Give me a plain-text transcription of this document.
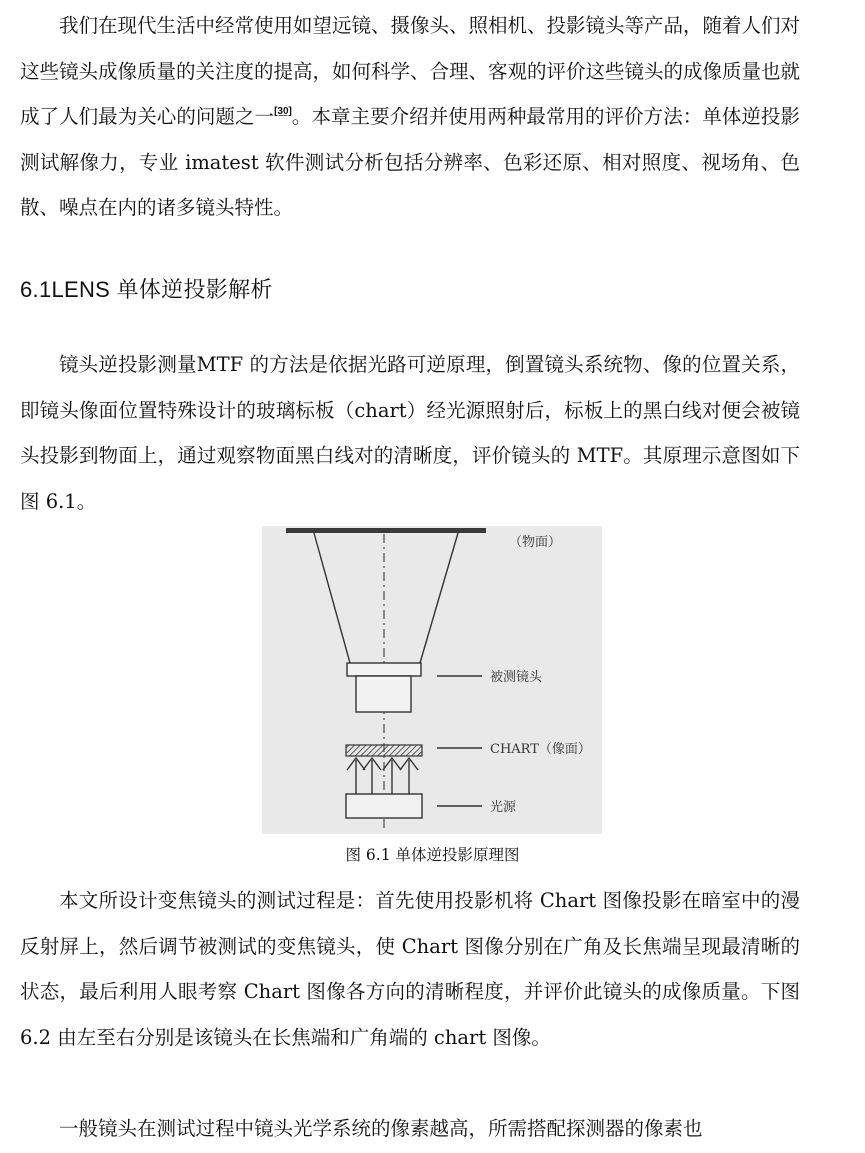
我们在现代生活中经常使用如望远镜、摄像头、照相机、投影镜头等产品，随着人们对这些镜头成像质量的关注度的提高，如何科学、合理、客观的评价这些镜头的成像质量也就成了人们最为关心的问题之一[30]。本章主要介绍并使用两种最常用的评价方法：单体逆投影测试解像力，专业 imatest 软件测试分析包括分辨率、色彩还原、相对照度、视场角、色散、噪点在内的诸多镜头特性。

6.1LENS 单体逆投影解析

镜头逆投影测量MTF 的方法是依据光路可逆原理，倒置镜头系统物、像的位置关系，即镜头像面位置特殊设计的玻璃标板（chart）经光源照射后，标板上的黑白线对便会被镜头投影到物面上，通过观察物面黑白线对的清晰度，评价镜头的 MTF。其原理示意图如下图 6.1。

（物面）
被测镜头
CHART（像面）
光源

图 6.1 单体逆投影原理图

本文所设计变焦镜头的测试过程是：首先使用投影机将 Chart 图像投影在暗室中的漫反射屏上，然后调节被测试的变焦镜头，使 Chart 图像分别在广角及长焦端呈现最清晰的状态，最后利用人眼考察 Chart 图像各方向的清晰程度，并评价此镜头的成像质量。下图 6.2 由左至右分别是该镜头在长焦端和广角端的 chart 图像。

一般镜头在测试过程中镜头光学系统的像素越高，所需搭配探测器的像素也
